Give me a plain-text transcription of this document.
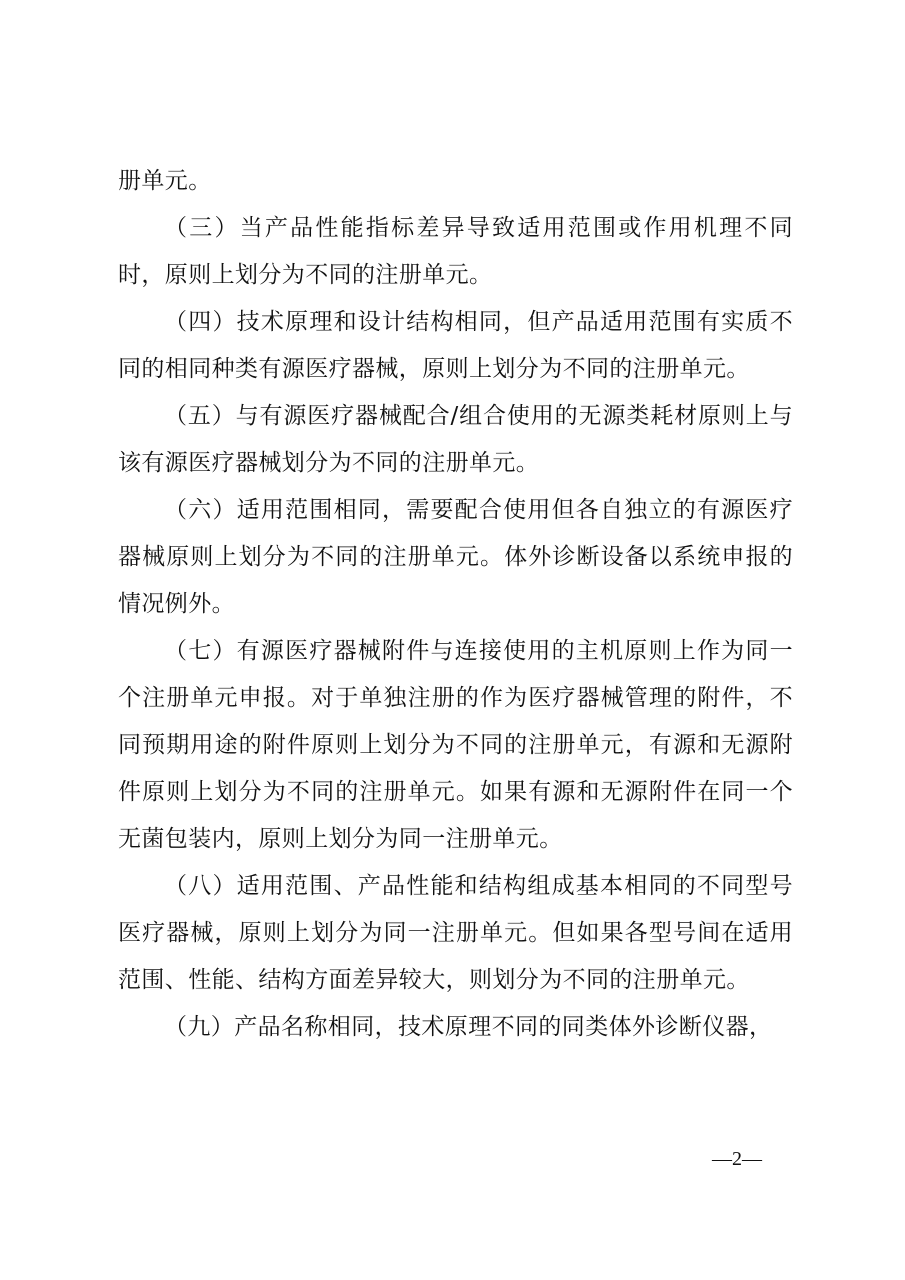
册单元。

（三）当产品性能指标差异导致适用范围或作用机理不同时，原则上划分为不同的注册单元。

（四）技术原理和设计结构相同，但产品适用范围有实质不同的相同种类有源医疗器械，原则上划分为不同的注册单元。

（五）与有源医疗器械配合/组合使用的无源类耗材原则上与该有源医疗器械划分为不同的注册单元。

（六）适用范围相同，需要配合使用但各自独立的有源医疗器械原则上划分为不同的注册单元。体外诊断设备以系统申报的情况例外。

（七）有源医疗器械附件与连接使用的主机原则上作为同一个注册单元申报。对于单独注册的作为医疗器械管理的附件，不同预期用途的附件原则上划分为不同的注册单元，有源和无源附件原则上划分为不同的注册单元。如果有源和无源附件在同一个无菌包装内，原则上划分为同一注册单元。

（八）适用范围、产品性能和结构组成基本相同的不同型号医疗器械，原则上划分为同一注册单元。但如果各型号间在适用范围、性能、结构方面差异较大，则划分为不同的注册单元。

（九）产品名称相同，技术原理不同的同类体外诊断仪器，

—2—
